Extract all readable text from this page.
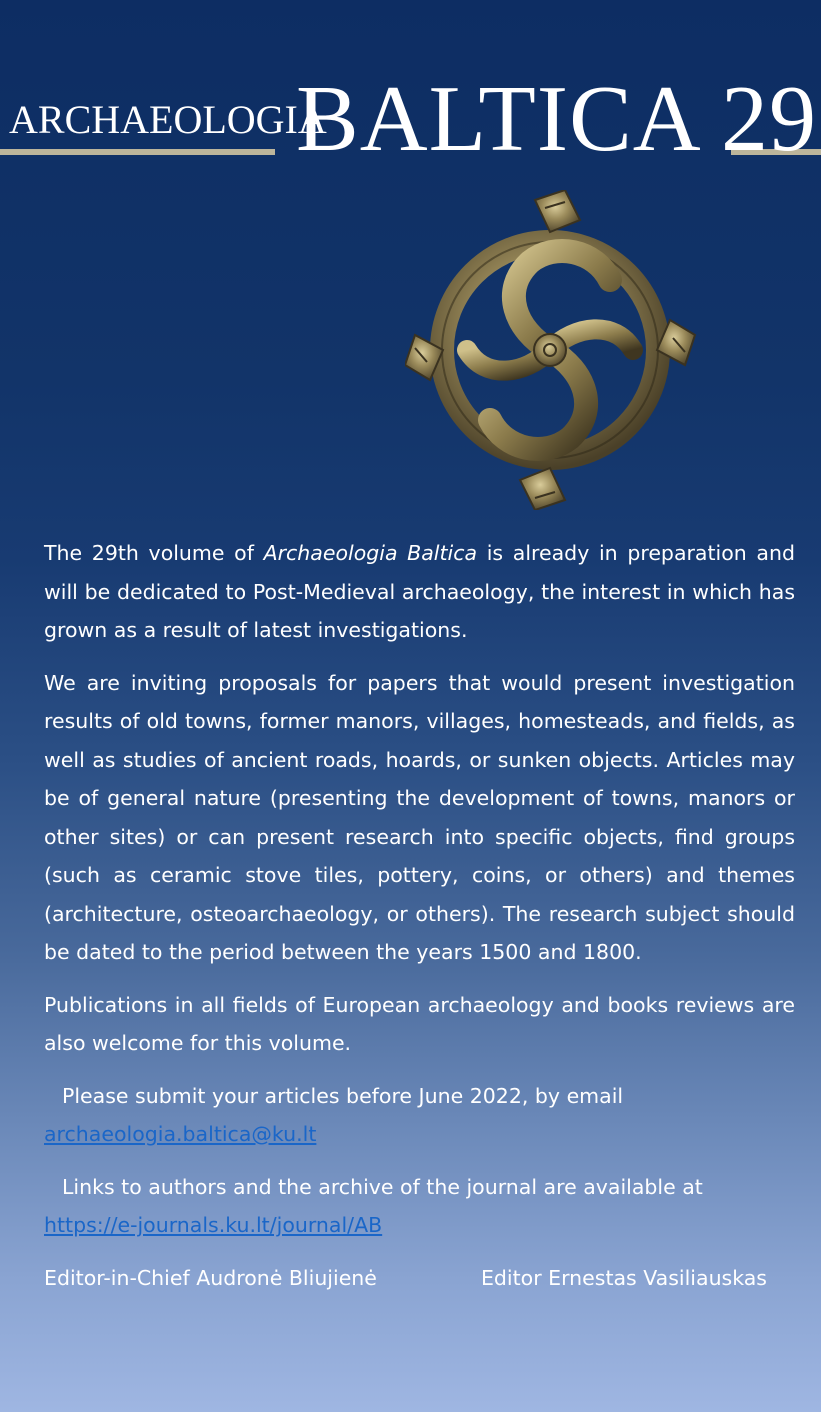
ARCHAEOLOGIA
BALTICA 29

The 29th volume of Archaeologia Baltica is already in preparation and will be dedicated to Post-Medieval archaeology, the interest in which has grown as a result of latest investigations.

We are inviting proposals for papers that would present investigation results of old towns, former manors, villages, homesteads, and fields, as well as studies of ancient roads, hoards, or sunken objects. Articles may be of general nature (presenting the development of towns, manors or other sites) or can present research into specific objects, find groups (such as ceramic stove tiles, pottery, coins, or others) and themes (architecture, osteoarchaeology, or others). The research subject should be dated to the period between the years 1500 and 1800.

Publications in all fields of European archaeology and books reviews are also welcome for this volume.

Please submit your articles before June 2022, by email
archaeologia.baltica@ku.lt

Links to authors and the archive of the journal are available at
https://e-journals.ku.lt/journal/AB

Editor-in-Chief Audronė Bliujienė	Editor Ernestas Vasiliauskas
